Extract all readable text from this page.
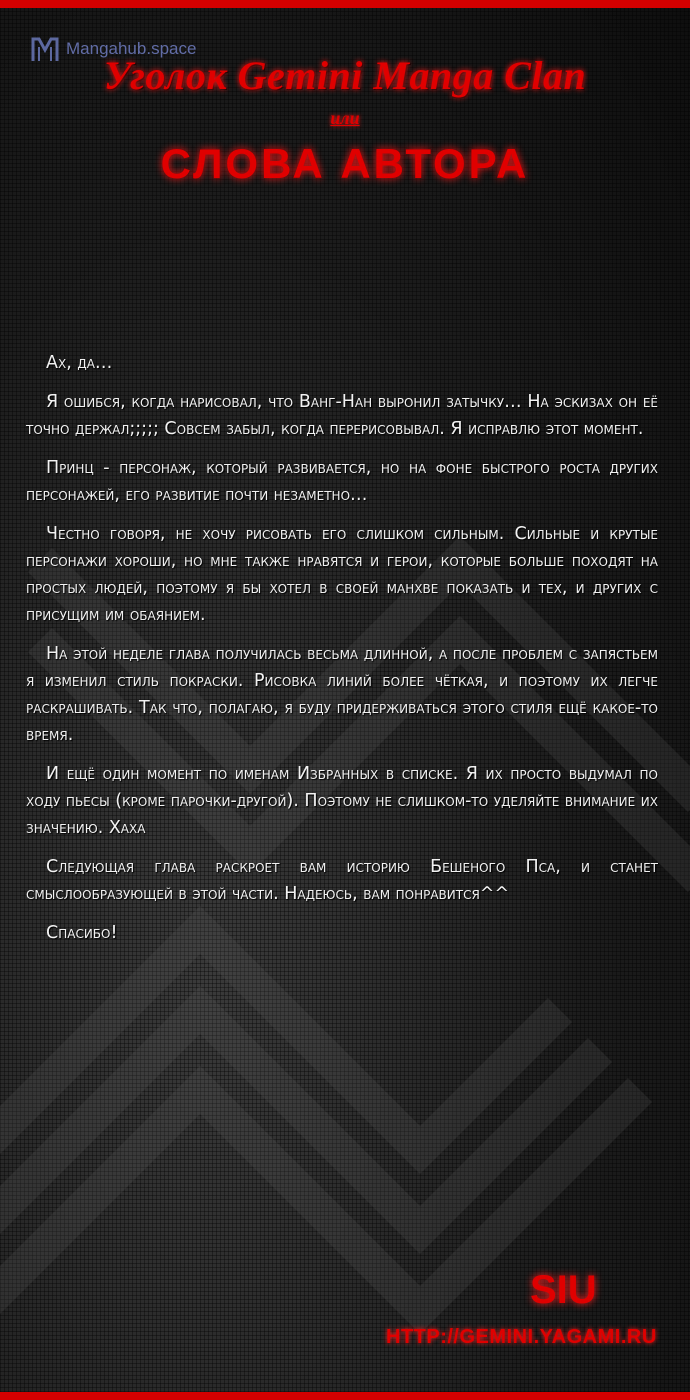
Mangahub.space
Уголок Gemini Manga Clan
или
СЛОВА АВТОРА

Ах, да…

Я ошибся, когда нарисовал, что Ванг-Нан выронил затычку… На эскизах он её точно держал;;;;; Совсем забыл, когда перерисовывал. Я исправлю этот момент.

Принц - персонаж, который развивается, но на фоне быстрого роста других персонажей, его развитие почти незаметно…

Честно говоря, не хочу рисовать его слишком сильным. Сильные и крутые персонажи хороши, но мне также нравятся и герои, которые больше походят на простых людей, поэтому я бы хотел в своей манхве показать и тех, и других с присущим им обаянием.

На этой неделе глава получилась весьма длинной, а после проблем с запястьем я изменил стиль покраски. Рисовка линий более чёткая, и поэтому их легче раскрашивать. Так что, полагаю, я буду придерживаться этого стиля ещё какое-то время.

И ещё один момент по именам Избранных в списке. Я их просто выдумал по ходу пьесы (кроме парочки-другой). Поэтому не слишком-то уделяйте внимание их значению. Хаха

Следующая глава раскроет вам историю Бешеного Пса, и станет смыслообразующей в этой части. Надеюсь, вам понравится^^

Спасибо!

SIU
HTTP://GEMINI.YAGAMI.RU
